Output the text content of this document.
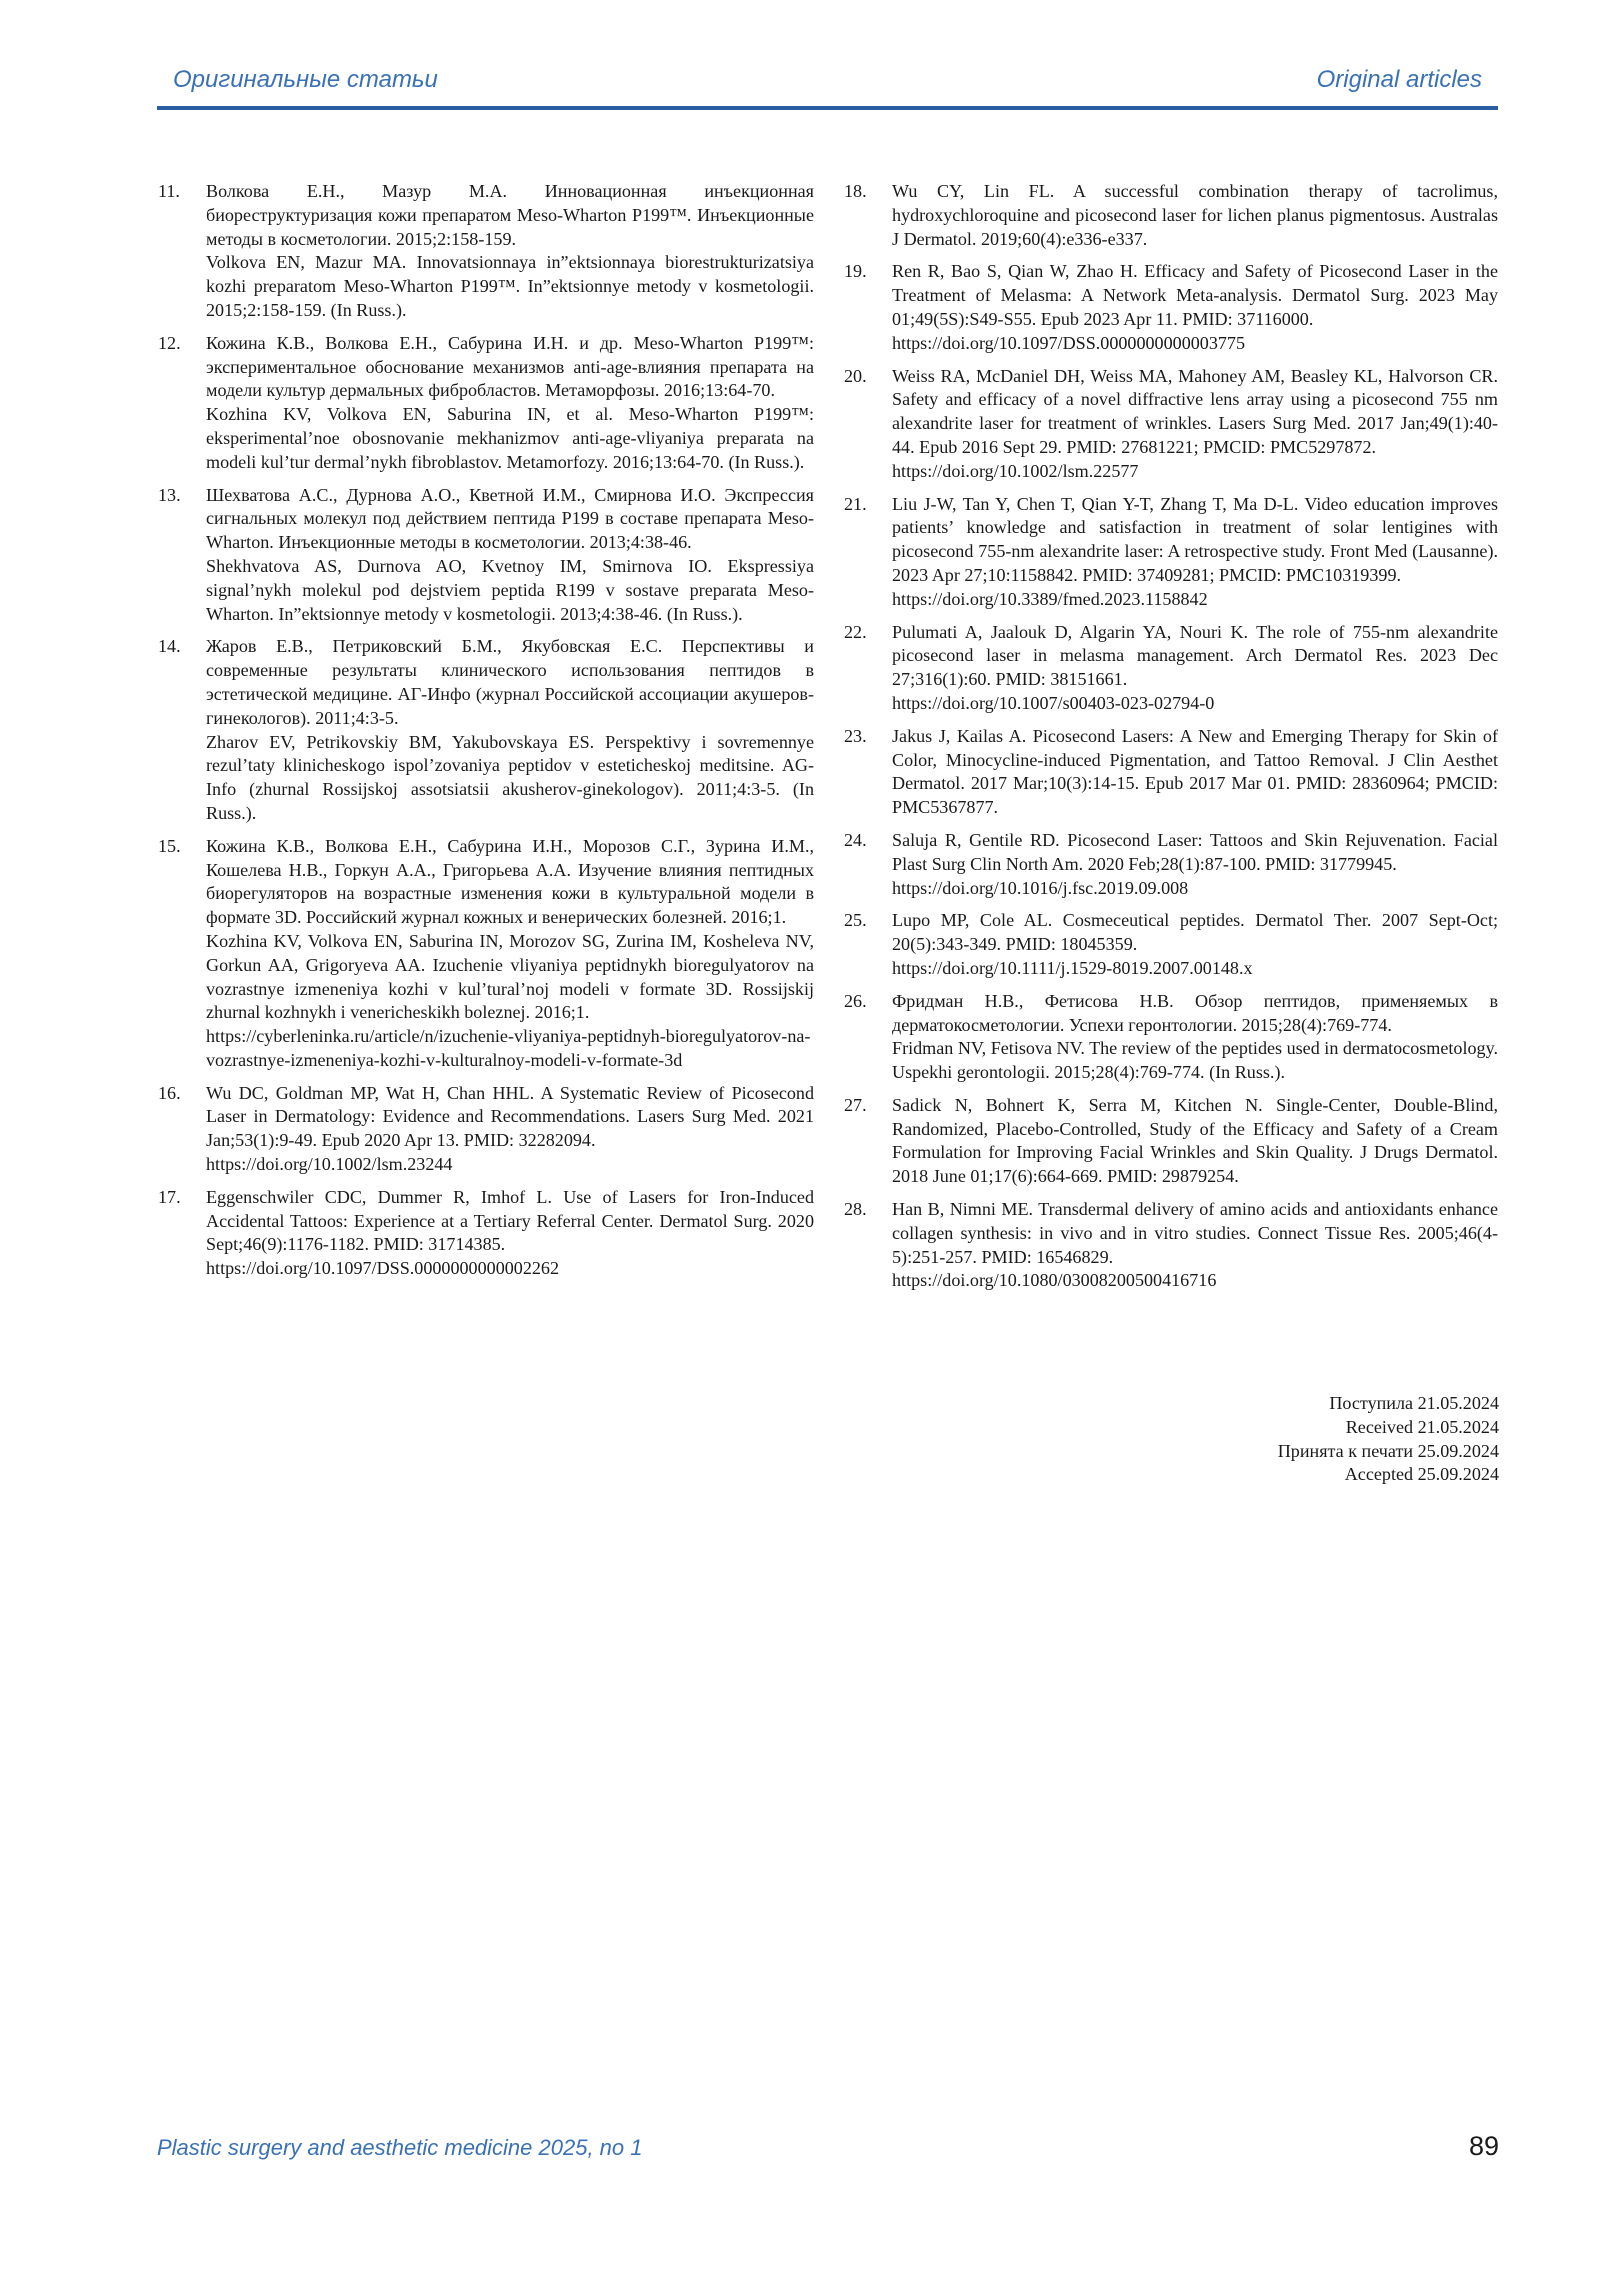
Оригинальные статьи	Original articles
11.	Волкова Е.Н., Мазур М.А. Инновационная инъекционная биореструктуризация кожи препаратом Meso-Wharton P199™. Инъекционные методы в косметологии. 2015;2:158-159.
Volkova EN, Mazur MA. Innovatsionnaya in”ektsionnaya biorestrukturizatsiya kozhi preparatom Meso-Wharton P199™. In”ektsionnye metody v kosmetologii. 2015;2:158-159. (In Russ.).
12.	Кожина К.В., Волкова Е.Н., Сабурина И.Н. и др. Meso-Wharton P199™: экспериментальное обоснование механизмов anti-age-влияния препарата на модели культур дермальных фибробластов. Метаморфозы. 2016;13:64-70.
Kozhina KV, Volkova EN, Saburina IN, et al. Meso-Wharton P199™: eksperimental’noe obosnovanie mekhanizmov anti-age-vliyaniya preparata na modeli kul’tur dermal’nykh fibroblastov. Metamorfozy. 2016;13:64-70. (In Russ.).
13.	Шехватова А.С., Дурнова А.О., Кветной И.М., Смирнова И.О. Экспрессия сигнальных молекул под действием пептида Р199 в составе препарата Meso-Wharton. Инъекционные методы в косметологии. 2013;4:38-46.
Shekhvatova AS, Durnova AO, Kvetnoy IM, Smirnova IO. Ekspressiya signal’nykh molekul pod dejstviem peptida R199 v sostave preparata Meso-Wharton. In”ektsionnye metody v kosmetologii. 2013;4:38-46. (In Russ.).
14.	Жаров Е.В., Петриковский Б.М., Якубовская Е.С. Перспективы и современные результаты клинического использования пептидов в эстетической медицине. АГ-Инфо (журнал Российской ассоциации акушеров-гинекологов). 2011;4:3-5.
Zharov EV, Petrikovskiy BM, Yakubovskaya ES. Perspektivy i sovremennye rezul’taty klinicheskogo ispol’zovaniya peptidov v esteticheskoj meditsine. AG-Info (zhurnal Rossijskoj assotsiatsii akusherov-ginekologov). 2011;4:3-5. (In Russ.).
15.	Кожина К.В., Волкова Е.Н., Сабурина И.Н., Морозов С.Г., Зурина И.М., Кошелева Н.В., Горкун А.А., Григорьева А.А. Изучение влияния пептидных биорегуляторов на возрастные изменения кожи в культуральной модели в формате 3D. Российский журнал кожных и венерических болезней. 2016;1.
Kozhina KV, Volkova EN, Saburina IN, Morozov SG, Zurina IM, Kosheleva NV, Gorkun AA, Grigoryeva AA. Izuchenie vliyaniya peptidnykh bioregulyatorov na vozrastnye izmeneniya kozhi v kul’tural’noj modeli v formate 3D. Rossijskij zhurnal kozhnykh i venericheskikh boleznej. 2016;1.
https://cyberleninka.ru/article/n/izuchenie-vliyaniya-peptidnyh-bioregulyatorov-na-vozrastnye-izmeneniya-kozhi-v-kulturalnoy-modeli-v-formate-3d
16.	Wu DC, Goldman MP, Wat H, Chan HHL. A Systematic Review of Picosecond Laser in Dermatology: Evidence and Recommendations. Lasers Surg Med. 2021 Jan;53(1):9-49. Epub 2020 Apr 13. PMID: 32282094.
https://doi.org/10.1002/lsm.23244
17.	Eggenschwiler CDC, Dummer R, Imhof L. Use of Lasers for Iron-Induced Accidental Tattoos: Experience at a Tertiary Referral Center. Dermatol Surg. 2020 Sept;46(9):1176-1182. PMID: 31714385.
https://doi.org/10.1097/DSS.0000000000002262
18.	Wu CY, Lin FL. A successful combination therapy of tacrolimus, hydroxychloroquine and picosecond laser for lichen planus pigmentosus. Australas J Dermatol. 2019;60(4):e336-e337.
19.	Ren R, Bao S, Qian W, Zhao H. Efficacy and Safety of Picosecond Laser in the Treatment of Melasma: A Network Meta-analysis. Dermatol Surg. 2023 May 01;49(5S):S49-S55. Epub 2023 Apr 11. PMID: 37116000.
https://doi.org/10.1097/DSS.0000000000003775
20.	Weiss RA, McDaniel DH, Weiss MA, Mahoney AM, Beasley KL, Halvorson CR. Safety and efficacy of a novel diffractive lens array using a picosecond 755 nm alexandrite laser for treatment of wrinkles. Lasers Surg Med. 2017 Jan;49(1):40-44. Epub 2016 Sept 29. PMID: 27681221; PMCID: PMC5297872.
https://doi.org/10.1002/lsm.22577
21.	Liu J-W, Tan Y, Chen T, Qian Y-T, Zhang T, Ma D-L. Video education improves patients’ knowledge and satisfaction in treatment of solar lentigines with picosecond 755-nm alexandrite laser: A retrospective study. Front Med (Lausanne). 2023 Apr 27;10:1158842. PMID: 37409281; PMCID: PMC10319399.
https://doi.org/10.3389/fmed.2023.1158842
22.	Pulumati A, Jaalouk D, Algarin YA, Nouri K. The role of 755-nm alexandrite picosecond laser in melasma management. Arch Dermatol Res. 2023 Dec 27;316(1):60. PMID: 38151661.
https://doi.org/10.1007/s00403-023-02794-0
23.	Jakus J, Kailas A. Picosecond Lasers: A New and Emerging Therapy for Skin of Color, Minocycline-induced Pigmentation, and Tattoo Removal. J Clin Aesthet Dermatol. 2017 Mar;10(3):14-15. Epub 2017 Mar 01. PMID: 28360964; PMCID: PMC5367877.
24.	Saluja R, Gentile RD. Picosecond Laser: Tattoos and Skin Rejuvenation. Facial Plast Surg Clin North Am. 2020 Feb;28(1):87-100. PMID: 31779945.
https://doi.org/10.1016/j.fsc.2019.09.008
25.	Lupo MP, Cole AL. Cosmeceutical peptides. Dermatol Ther. 2007 Sept-Oct; 20(5):343-349. PMID: 18045359.
https://doi.org/10.1111/j.1529-8019.2007.00148.x
26.	Фридман Н.В., Фетисова Н.В. Обзор пептидов, применяемых в дерматокосметологии. Успехи геронтологии. 2015;28(4):769-774.
Fridman NV, Fetisova NV. The review of the peptides used in dermatocosmetology. Uspekhi gerontologii. 2015;28(4):769-774. (In Russ.).
27.	Sadick N, Bohnert K, Serra M, Kitchen N. Single-Center, Double-Blind, Randomized, Placebo-Controlled, Study of the Efficacy and Safety of a Cream Formulation for Improving Facial Wrinkles and Skin Quality. J Drugs Dermatol. 2018 June 01;17(6):664-669. PMID: 29879254.
28.	Han B, Nimni ME. Transdermal delivery of amino acids and antioxidants enhance collagen synthesis: in vivo and in vitro studies. Connect Tissue Res. 2005;46(4-5):251-257. PMID: 16546829.
https://doi.org/10.1080/03008200500416716
Поступила 21.05.2024
Received 21.05.2024
Принята к печати 25.09.2024
Accepted 25.09.2024
Plastic surgery and aesthetic medicine 2025, no 1	89
